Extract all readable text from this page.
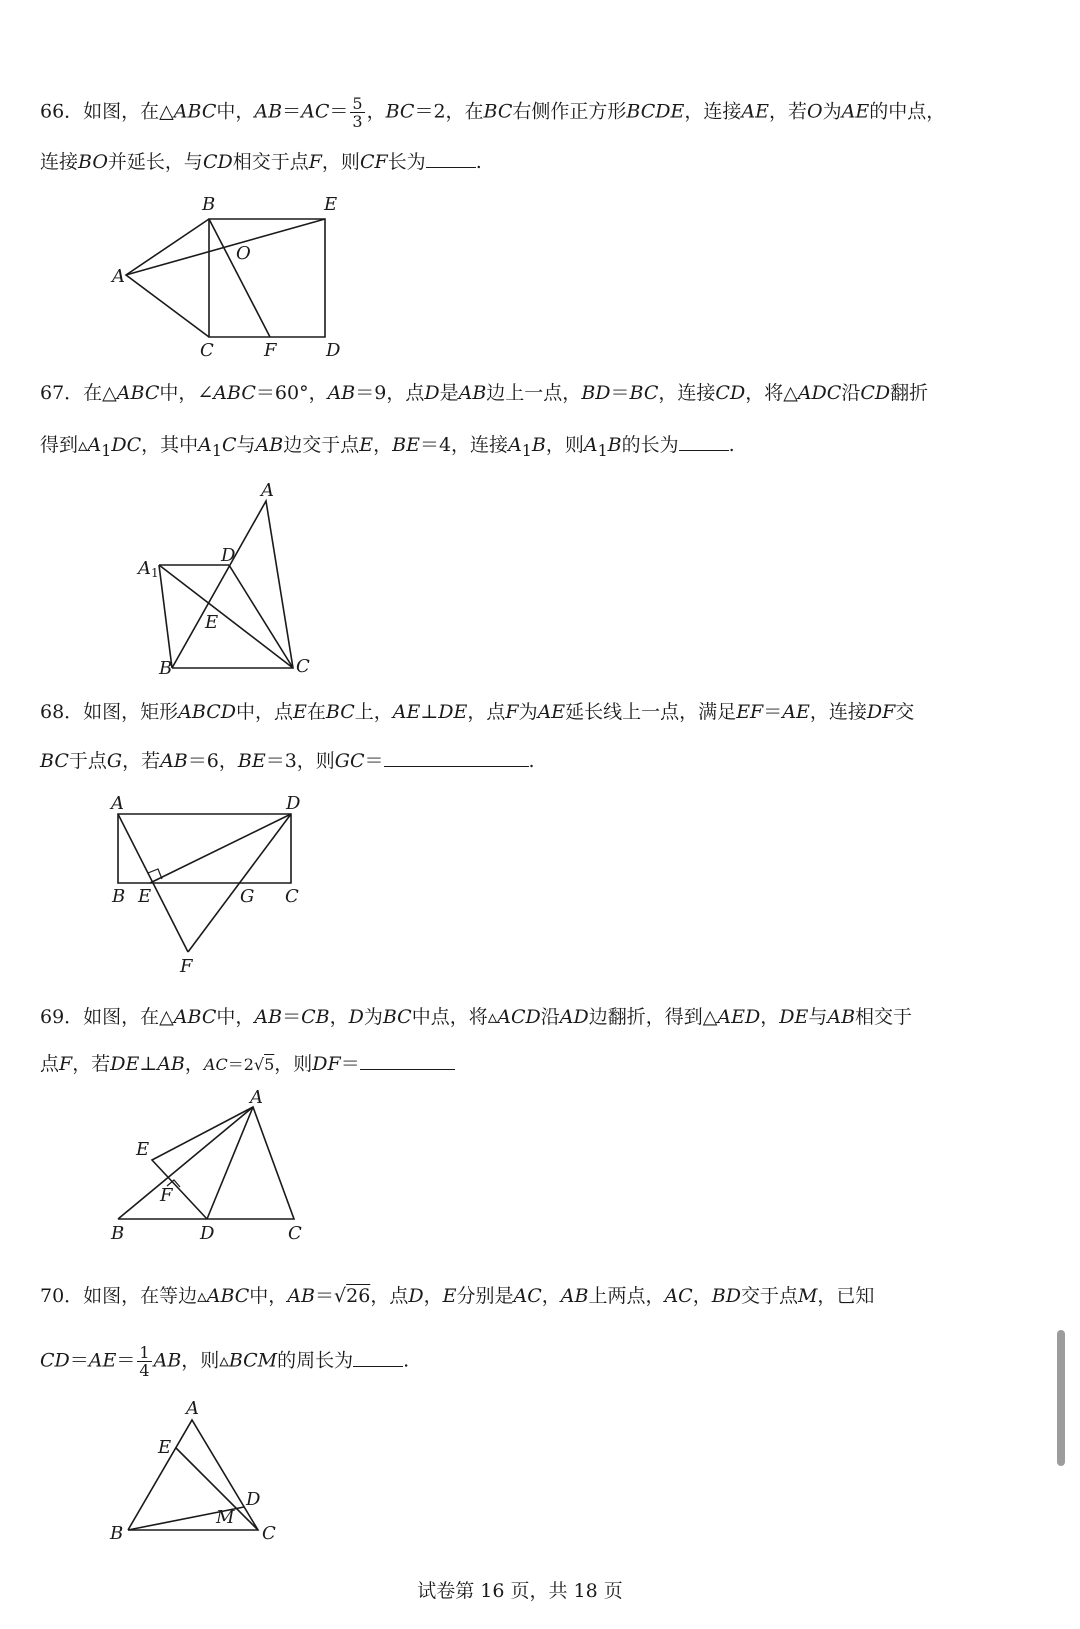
66．如图，在△ABC中，$AB=AC= \frac{5}{3}$ ，BC＝2，在BC右侧作正方形BCDE，连接AE，若O为AE的中点，
连接BO并延长，与CD相交于点F，则CF长为	.
A
B	E
O
C	F	D
67．在△ABC中，∠ABC＝60°，AB＝9，点D是AB边上一点，BD＝BC，连接CD，将△ADC沿CD翻折
得到$▵A_1DC$，其中$A_1C$与AB边交于点E，BE＝4，连接$A_1B$，则$A_1B$的长为	.
A
A1
D
E
B	C
68．如图，矩形ABCD中，点E在BC上，AE⊥DE，点F为AE延长线上一点，满足EF＝AE，连接DF交
BC于点G，若AB＝6，BE＝3，则GC＝	.
A	D
B E	G C
F
69．如图，在△ABC中，AB＝CB，D为BC中点，将▵ACD沿AD边翻折，得到△AED，DE与AB相交于
点F，若DE⊥AB，AC＝2√5，则DF＝
A
E
F
B	D	C
70．如图，在等边▵ABC中，AB＝√26，点D，E分别是AC，AB上两点，AC，BD交于点M，已知
$CD=AE= \frac{1}{4}$ AB，则▵BCM的周长为	.
A
E
D
M
B	C
试卷第 16 页，共 18 页
